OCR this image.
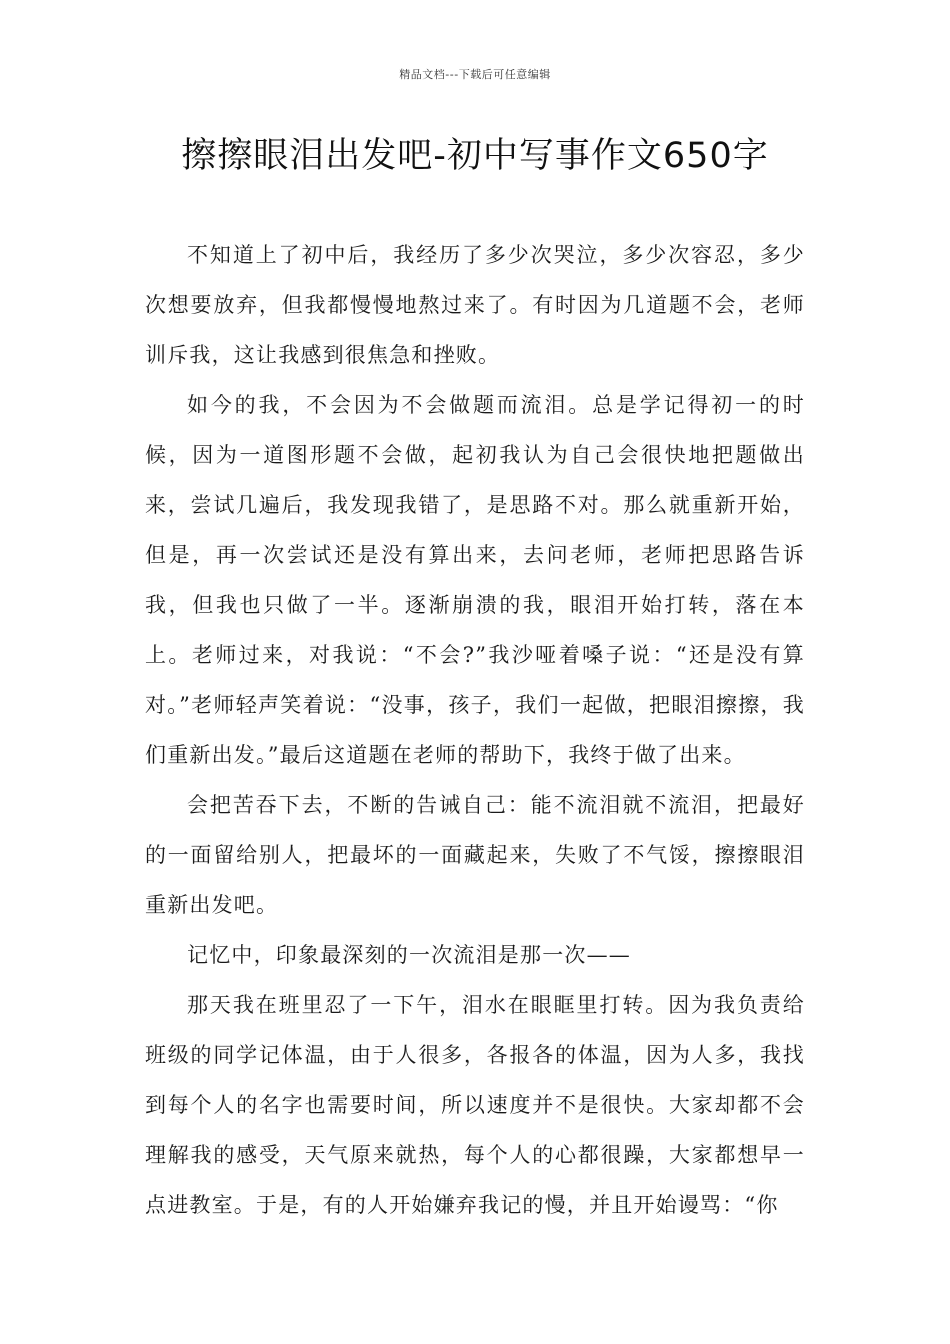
精品文档---下载后可任意编辑
擦擦眼泪出发吧-初中写事作文650字

不知道上了初中后，我经历了多少次哭泣，多少次容忍，多少次想要放弃，但我都慢慢地熬过来了。有时因为几道题不会，老师训斥我，这让我感到很焦急和挫败。

如今的我，不会因为不会做题而流泪。总是学记得初一的时候，因为一道图形题不会做，起初我认为自己会很快地把题做出来，尝试几遍后，我发现我错了，是思路不对。那么就重新开始，但是，再一次尝试还是没有算出来，去问老师，老师把思路告诉我，但我也只做了一半。逐渐崩溃的我，眼泪开始打转，落在本上。老师过来，对我说：“不会?”我沙哑着嗓子说：“还是没有算对。”老师轻声笑着说：“没事，孩子，我们一起做，把眼泪擦擦，我们重新出发。”最后这道题在老师的帮助下，我终于做了出来。

会把苦吞下去，不断的告诫自己：能不流泪就不流泪，把最好的一面留给别人，把最坏的一面藏起来，失败了不气馁，擦擦眼泪重新出发吧。

记忆中，印象最深刻的一次流泪是那一次——

那天我在班里忍了一下午，泪水在眼眶里打转。因为我负责给班级的同学记体温，由于人很多，各报各的体温，因为人多，我找到每个人的名字也需要时间，所以速度并不是很快。大家却都不会理解我的感受，天气原来就热，每个人的心都很躁，大家都想早一点进教室。于是，有的人开始嫌弃我记的慢，并且开始谩骂：“你
